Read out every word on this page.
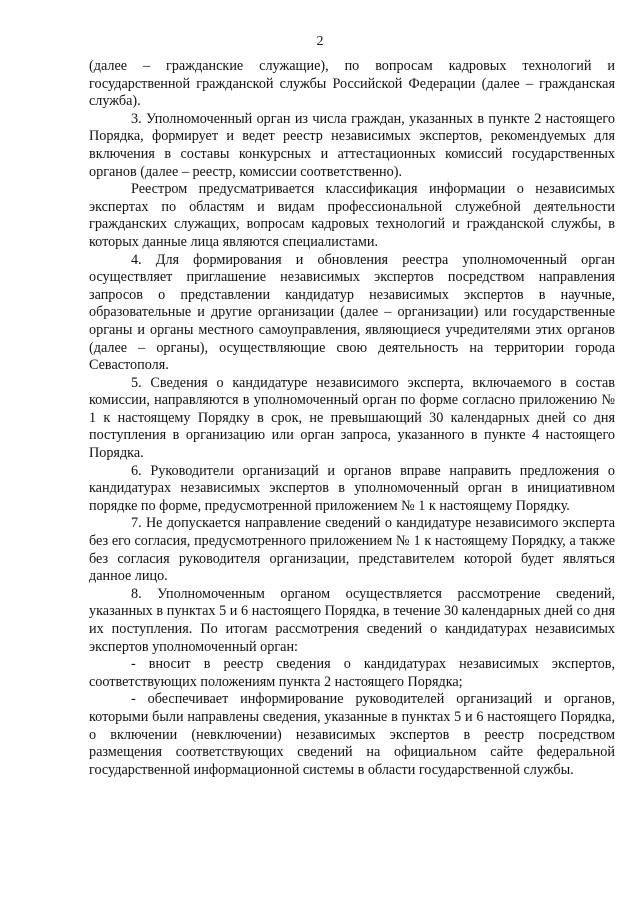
2

(далее – гражданские служащие), по вопросам кадровых технологий и государственной гражданской службы Российской Федерации (далее – гражданская служба).

3. Уполномоченный орган из числа граждан, указанных в пункте 2 настоящего Порядка, формирует и ведет реестр независимых экспертов, рекомендуемых для включения в составы конкурсных и аттестационных комиссий государственных органов (далее – реестр, комиссии соответственно).

Реестром предусматривается классификация информации о независимых экспертах по областям и видам профессиональной служебной деятельности гражданских служащих, вопросам кадровых технологий и гражданской службы, в которых данные лица являются специалистами.

4. Для формирования и обновления реестра уполномоченный орган осуществляет приглашение независимых экспертов посредством направления запросов о представлении кандидатур независимых экспертов в научные, образовательные и другие организации (далее – организации) или государственные органы и органы местного самоуправления, являющиеся учредителями этих органов (далее – органы), осуществляющие свою деятельность на территории города Севастополя.

5. Сведения о кандидатуре независимого эксперта, включаемого в состав комиссии, направляются в уполномоченный орган по форме согласно приложению № 1 к настоящему Порядку в срок, не превышающий 30 календарных дней со дня поступления в организацию или орган запроса, указанного в пункте 4 настоящего Порядка.

6. Руководители организаций и органов вправе направить предложения о кандидатурах независимых экспертов в уполномоченный орган в инициативном порядке по форме, предусмотренной приложением № 1 к настоящему Порядку.

7. Не допускается направление сведений о кандидатуре независимого эксперта без его согласия, предусмотренного приложением № 1 к настоящему Порядку, а также без согласия руководителя организации, представителем которой будет являться данное лицо.

8. Уполномоченным органом осуществляется рассмотрение сведений, указанных в пунктах 5 и 6 настоящего Порядка, в течение 30 календарных дней со дня их поступления. По итогам рассмотрения сведений о кандидатурах независимых экспертов уполномоченный орган:

- вносит в реестр сведения о кандидатурах независимых экспертов, соответствующих положениям пункта 2 настоящего Порядка;

- обеспечивает информирование руководителей организаций и органов, которыми были направлены сведения, указанные в пунктах 5 и 6 настоящего Порядка, о включении (невключении) независимых экспертов в реестр посредством размещения соответствующих сведений на официальном сайте федеральной государственной информационной системы в области государственной службы.
